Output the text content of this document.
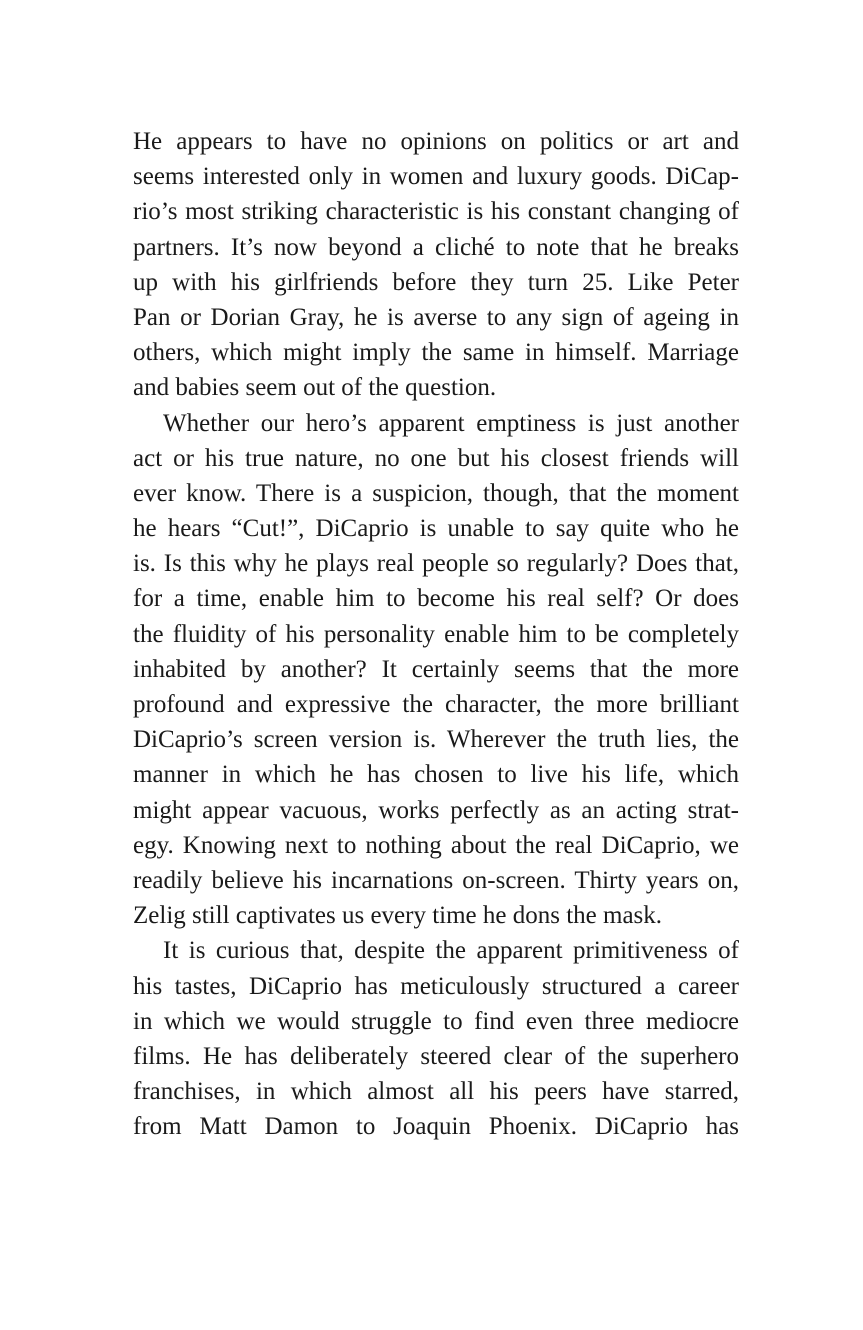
He appears to have no opinions on politics or art and
seems interested only in women and luxury goods. DiCap-
rio’s most striking characteristic is his constant changing of
partners. It’s now beyond a cliché to note that he breaks
up with his girlfriends before they turn 25. Like Peter
Pan or Dorian Gray, he is averse to any sign of ageing in
others, which might imply the same in himself. Marriage
and babies seem out of the question.
Whether our hero’s apparent emptiness is just another
act or his true nature, no one but his closest friends will
ever know. There is a suspicion, though, that the moment
he hears “Cut!”, DiCaprio is unable to say quite who he
is. Is this why he plays real people so regularly? Does that,
for a time, enable him to become his real self? Or does
the fluidity of his personality enable him to be completely
inhabited by another? It certainly seems that the more
profound and expressive the character, the more brilliant
DiCaprio’s screen version is. Wherever the truth lies, the
manner in which he has chosen to live his life, which
might appear vacuous, works perfectly as an acting strat-
egy. Knowing next to nothing about the real DiCaprio, we
readily believe his incarnations on-screen. Thirty years on,
Zelig still captivates us every time he dons the mask.
It is curious that, despite the apparent primitiveness of
his tastes, DiCaprio has meticulously structured a career
in which we would struggle to find even three mediocre
films. He has deliberately steered clear of the superhero
franchises, in which almost all his peers have starred,
from Matt Damon to Joaquin Phoenix. DiCaprio has
